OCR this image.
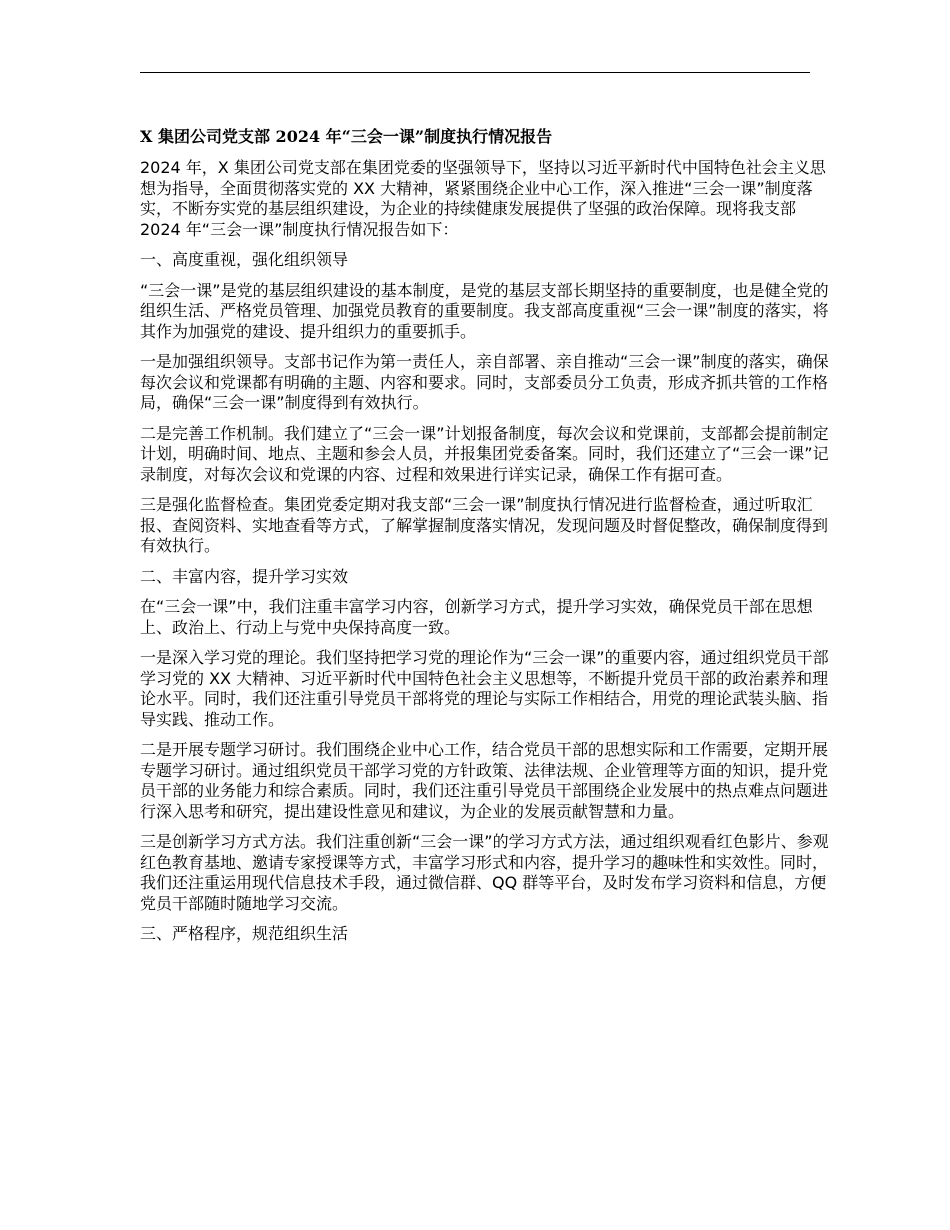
X 集团公司党支部 2024 年“三会一课”制度执行情况报告

2024 年，X 集团公司党支部在集团党委的坚强领导下，坚持以习近平新时代中国特色社会主义思想为指导，全面贯彻落实党的 XX 大精神，紧紧围绕企业中心工作，深入推进“三会一课”制度落实，不断夯实党的基层组织建设，为企业的持续健康发展提供了坚强的政治保障。现将我支部 2024 年“三会一课”制度执行情况报告如下：

一、高度重视，强化组织领导

“三会一课”是党的基层组织建设的基本制度，是党的基层支部长期坚持的重要制度，也是健全党的组织生活、严格党员管理、加强党员教育的重要制度。我支部高度重视“三会一课”制度的落实，将其作为加强党的建设、提升组织力的重要抓手。

一是加强组织领导。支部书记作为第一责任人，亲自部署、亲自推动“三会一课”制度的落实，确保每次会议和党课都有明确的主题、内容和要求。同时，支部委员分工负责，形成齐抓共管的工作格局，确保“三会一课”制度得到有效执行。

二是完善工作机制。我们建立了“三会一课”计划报备制度，每次会议和党课前，支部都会提前制定计划，明确时间、地点、主题和参会人员，并报集团党委备案。同时，我们还建立了“三会一课”记录制度，对每次会议和党课的内容、过程和效果进行详实记录，确保工作有据可查。

三是强化监督检查。集团党委定期对我支部“三会一课”制度执行情况进行监督检查，通过听取汇报、查阅资料、实地查看等方式，了解掌握制度落实情况，发现问题及时督促整改，确保制度得到有效执行。

二、丰富内容，提升学习实效

在“三会一课”中，我们注重丰富学习内容，创新学习方式，提升学习实效，确保党员干部在思想上、政治上、行动上与党中央保持高度一致。

一是深入学习党的理论。我们坚持把学习党的理论作为“三会一课”的重要内容，通过组织党员干部学习党的 XX 大精神、习近平新时代中国特色社会主义思想等，不断提升党员干部的政治素养和理论水平。同时，我们还注重引导党员干部将党的理论与实际工作相结合，用党的理论武装头脑、指导实践、推动工作。

二是开展专题学习研讨。我们围绕企业中心工作，结合党员干部的思想实际和工作需要，定期开展专题学习研讨。通过组织党员干部学习党的方针政策、法律法规、企业管理等方面的知识，提升党员干部的业务能力和综合素质。同时，我们还注重引导党员干部围绕企业发展中的热点难点问题进行深入思考和研究，提出建设性意见和建议，为企业的发展贡献智慧和力量。

三是创新学习方式方法。我们注重创新“三会一课”的学习方式方法，通过组织观看红色影片、参观红色教育基地、邀请专家授课等方式，丰富学习形式和内容，提升学习的趣味性和实效性。同时，我们还注重运用现代信息技术手段，通过微信群、QQ 群等平台，及时发布学习资料和信息，方便党员干部随时随地学习交流。

三、严格程序，规范组织生活
